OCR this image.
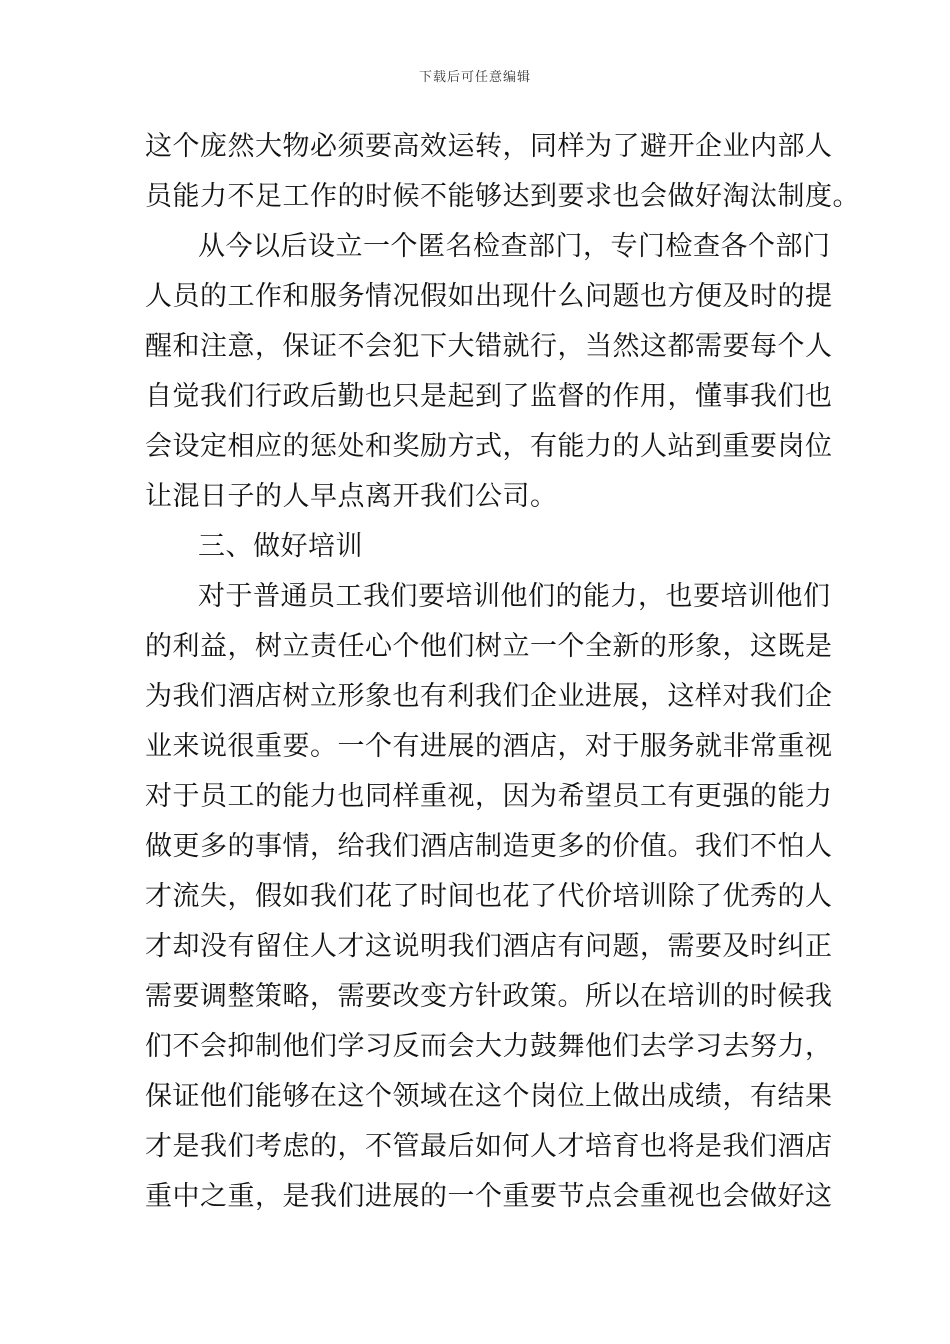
下载后可任意编辑
这个庞然大物必须要高效运转，同样为了避开企业内部人
员能力不足工作的时候不能够达到要求也会做好淘汰制度。
从今以后设立一个匿名检查部门，专门检查各个部门
人员的工作和服务情况假如出现什么问题也方便及时的提
醒和注意，保证不会犯下大错就行，当然这都需要每个人
自觉我们行政后勤也只是起到了监督的作用，懂事我们也
会设定相应的惩处和奖励方式，有能力的人站到重要岗位
让混日子的人早点离开我们公司。
三、做好培训
对于普通员工我们要培训他们的能力，也要培训他们
的利益，树立责任心个他们树立一个全新的形象，这既是
为我们酒店树立形象也有利我们企业进展，这样对我们企
业来说很重要。一个有进展的酒店，对于服务就非常重视
对于员工的能力也同样重视，因为希望员工有更强的能力
做更多的事情，给我们酒店制造更多的价值。我们不怕人
才流失，假如我们花了时间也花了代价培训除了优秀的人
才却没有留住人才这说明我们酒店有问题，需要及时纠正
需要调整策略，需要改变方针政策。所以在培训的时候我
们不会抑制他们学习反而会大力鼓舞他们去学习去努力，
保证他们能够在这个领域在这个岗位上做出成绩，有结果
才是我们考虑的，不管最后如何人才培育也将是我们酒店
重中之重，是我们进展的一个重要节点会重视也会做好这
